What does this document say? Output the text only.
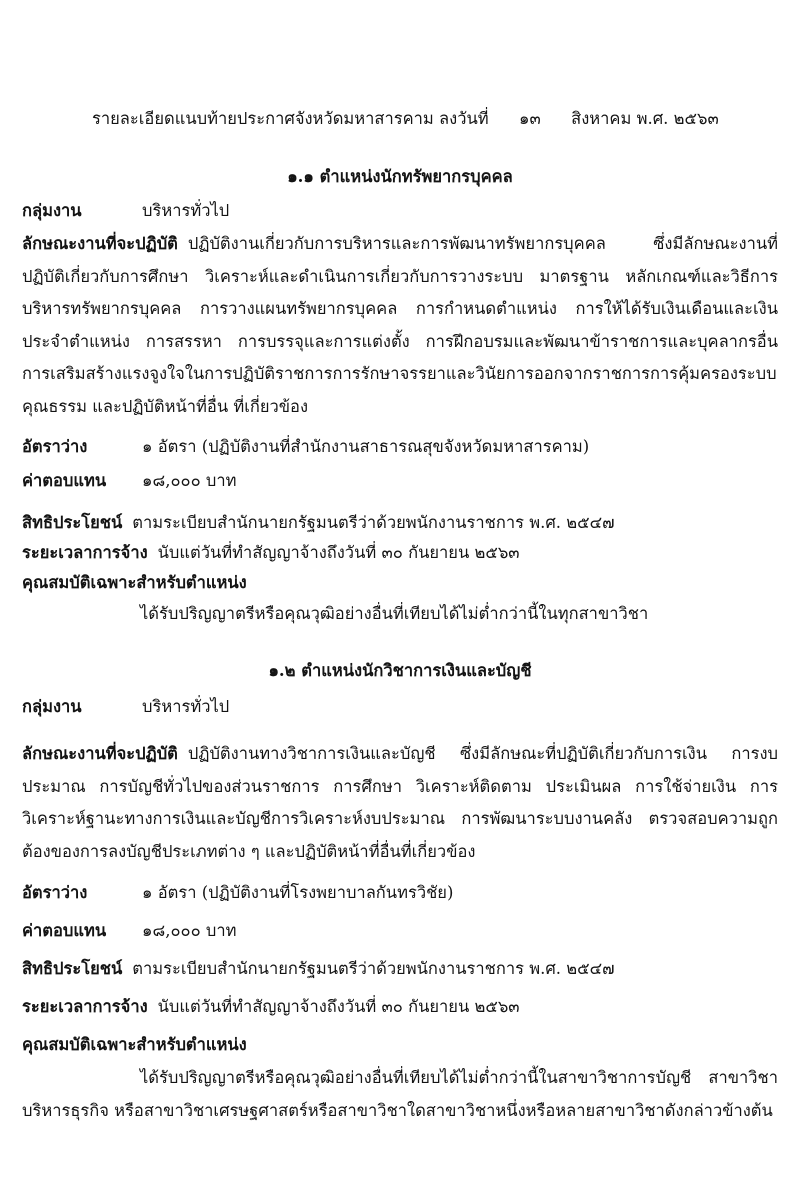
รายละเอียดแนบท้ายประกาศจังหวัดมหาสารคาม ลงวันที่ ๑๓ สิงหาคม พ.ศ. ๒๕๖๓
๑.๑ ตำแหน่งนักทรัพยากรบุคคล
กลุ่มงาน	บริหารทั่วไป
ลักษณะงานที่จะปฏิบัติ ปฏิบัติงานเกี่ยวกับการบริหารและการพัฒนาทรัพยากรบุคคล ซึ่งมีลักษณะงานที่ปฏิบัติเกี่ยวกับการศึกษา วิเคราะห์และดำเนินการเกี่ยวกับการวางระบบ มาตรฐาน หลักเกณฑ์และวิธีการบริหารทรัพยากรบุคคล การวางแผนทรัพยากรบุคคล การกำหนดตำแหน่ง การให้ได้รับเงินเดือนและเงินประจำตำแหน่ง การสรรหา การบรรจุและการแต่งตั้ง การฝึกอบรมและพัฒนาข้าราชการและบุคลากรอื่น การเสริมสร้างแรงจูงใจในการปฏิบัติราชการการรักษาจรรยาและวินัยการออกจากราชการการคุ้มครองระบบคุณธรรม และปฏิบัติหน้าที่อื่น ที่เกี่ยวข้อง
อัตราว่าง	๑ อัตรา (ปฏิบัติงานที่สำนักงานสาธารณสุขจังหวัดมหาสารคาม)
ค่าตอบแทน ๑๘,๐๐๐ บาท
สิทธิประโยชน์ ตามระเบียบสำนักนายกรัฐมนตรีว่าด้วยพนักงานราชการ พ.ศ. ๒๕๔๗
ระยะเวลาการจ้าง นับแต่วันที่ทำสัญญาจ้างถึงวันที่ ๓๐ กันยายน ๒๕๖๓
คุณสมบัติเฉพาะสำหรับตำแหน่ง
ได้รับปริญญาตรีหรือคุณวุฒิอย่างอื่นที่เทียบได้ไม่ต่ำกว่านี้ในทุกสาขาวิชา
๑.๒ ตำแหน่งนักวิชาการเงินและบัญชี
กลุ่มงาน	บริหารทั่วไป
ลักษณะงานที่จะปฏิบัติ ปฏิบัติงานทางวิชาการเงินและบัญชี ซึ่งมีลักษณะที่ปฏิบัติเกี่ยวกับการเงิน การงบประมาณ การบัญชีทั่วไปของส่วนราชการ การศึกษา วิเคราะห์ติดตาม ประเมินผล การใช้จ่ายเงิน การวิเคราะห์ฐานะทางการเงินและบัญชีการวิเคราะห์งบประมาณ การพัฒนาระบบงานคลัง ตรวจสอบความถูกต้องของการลงบัญชีประเภทต่าง ๆ และปฏิบัติหน้าที่อื่นที่เกี่ยวข้อง
อัตราว่าง	๑ อัตรา (ปฏิบัติงานที่โรงพยาบาลกันทรวิชัย)
ค่าตอบแทน ๑๘,๐๐๐ บาท
สิทธิประโยชน์ ตามระเบียบสำนักนายกรัฐมนตรีว่าด้วยพนักงานราชการ พ.ศ. ๒๕๔๗
ระยะเวลาการจ้าง นับแต่วันที่ทำสัญญาจ้างถึงวันที่ ๓๐ กันยายน ๒๕๖๓
คุณสมบัติเฉพาะสำหรับตำแหน่ง
ได้รับปริญญาตรีหรือคุณวุฒิอย่างอื่นที่เทียบได้ไม่ต่ำกว่านี้ในสาขาวิชาการบัญชี สาขาวิชาบริหารธุรกิจ หรือสาขาวิชาเศรษฐศาสตร์หรือสาขาวิชาใดสาขาวิชาหนึ่งหรือหลายสาขาวิชาดังกล่าวข้างต้น
